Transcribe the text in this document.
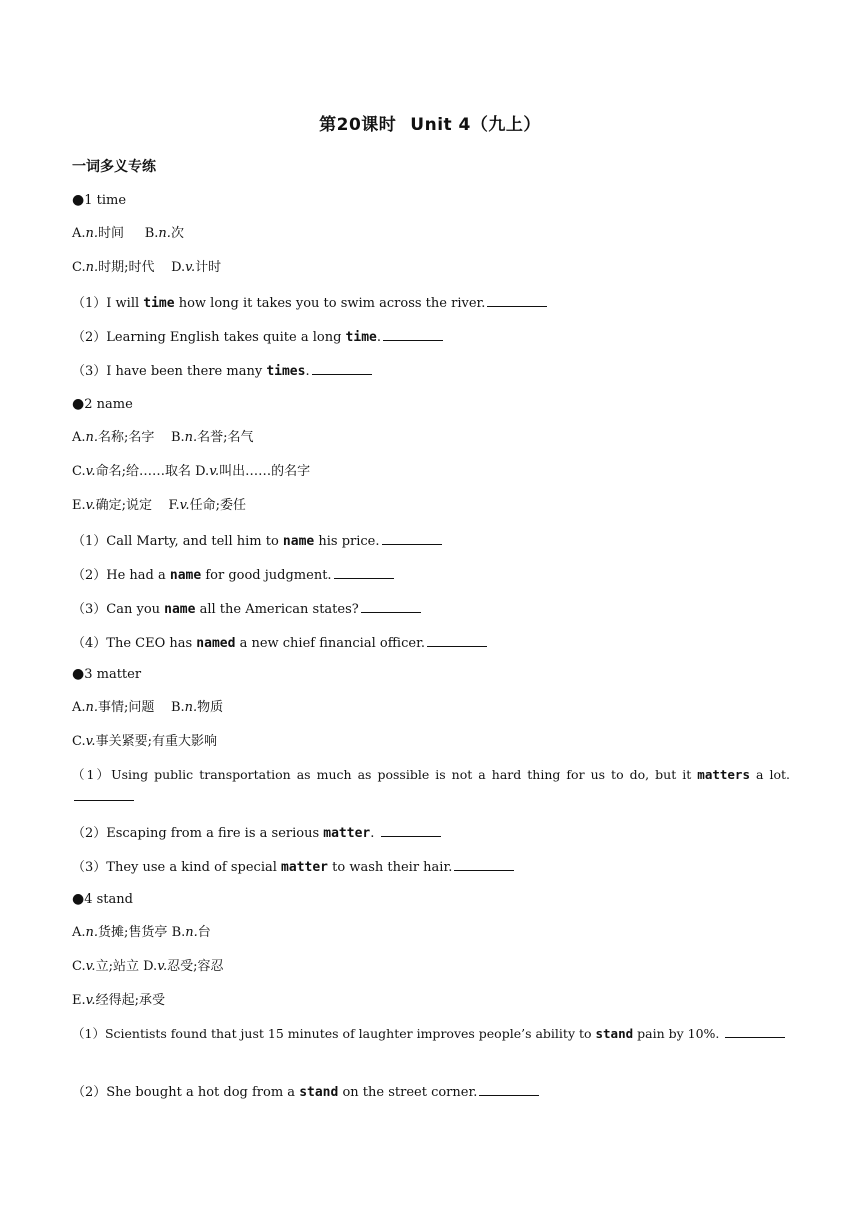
第20课时 Unit 4（九上）
一词多义专练
●1 time
A.n.时间 B.n.次
C.n.时期;时代 D.v.计时
（1）I will time how long it takes you to swim across the river.
（2）Learning English takes quite a long time.
（3）I have been there many times.
●2 name
A.n.名称;名字 B.n.名誉;名气
C.v.命名;给……取名 D.v.叫出……的名字
E.v.确定;说定 F.v.任命;委任
（1）Call Marty, and tell him to name his price.
（2）He had a name for good judgment.
（3）Can you name all the American states?
（4）The CEO has named a new chief financial officer.
●3 matter
A.n.事情;问题 B.n.物质
C.v.事关紧要;有重大影响
（1）Using public transportation as much as possible is not a hard thing for us to do, but it matters a lot.
（2）Escaping from a fire is a serious matter.
（3）They use a kind of special matter to wash their hair.
●4 stand
A.n.货摊;售货亭 B.n.台
C.v.立;站立 D.v.忍受;容忍
E.v.经得起;承受
（1）Scientists found that just 15 minutes of laughter improves people’s ability to stand pain by 10%.
（2）She bought a hot dog from a stand on the street corner.
